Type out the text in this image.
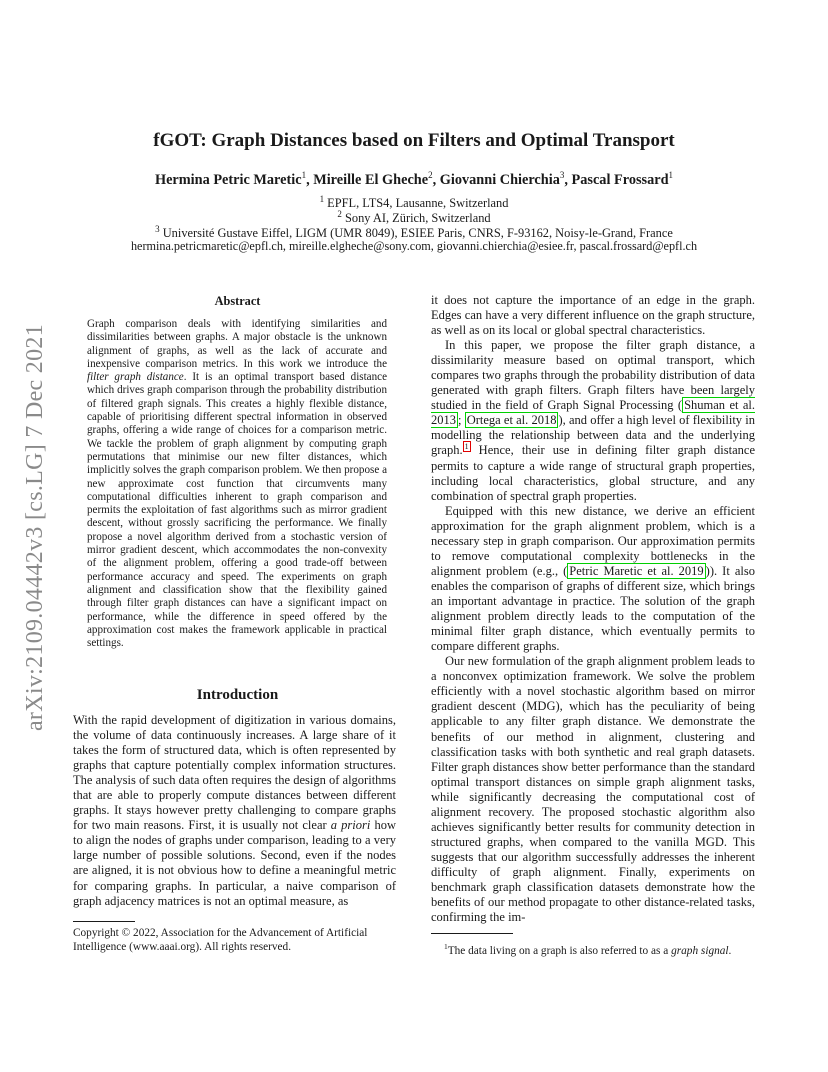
arXiv:2109.04442v3 [cs.LG] 7 Dec 2021
fGOT: Graph Distances based on Filters and Optimal Transport
Hermina Petric Maretic$^1$, Mireille El Gheche$^2$, Giovanni Chierchia$^3$, Pascal Frossard$^1$
$^1$ EPFL, LTS4, Lausanne, Switzerland
$^2$ Sony AI, Zürich, Switzerland
$^3$ Université Gustave Eiffel, LIGM (UMR 8049), ESIEE Paris, CNRS, F-93162, Noisy-le-Grand, France
hermina.petricmaretic@epfl.ch, mireille.elgheche@sony.com, giovanni.chierchia@esiee.fr, pascal.frossard@epfl.ch
Abstract
Graph comparison deals with identifying similarities and dissimilarities between graphs. A major obstacle is the unknown alignment of graphs, as well as the lack of accurate and inexpensive comparison metrics. In this work we introduce the filter graph distance. It is an optimal transport based distance which drives graph comparison through the probability distribution of filtered graph signals. This creates a highly flexible distance, capable of prioritising different spectral information in observed graphs, offering a wide range of choices for a comparison metric. We tackle the problem of graph alignment by computing graph permutations that minimise our new filter distances, which implicitly solves the graph comparison problem. We then propose a new approximate cost function that circumvents many computational difficulties inherent to graph comparison and permits the exploitation of fast algorithms such as mirror gradient descent, without grossly sacrificing the performance. We finally propose a novel algorithm derived from a stochastic version of mirror gradient descent, which accommodates the non-convexity of the alignment problem, offering a good trade-off between performance accuracy and speed. The experiments on graph alignment and classification show that the flexibility gained through filter graph distances can have a significant impact on performance, while the difference in speed offered by the approximation cost makes the framework applicable in practical settings.
Introduction

With the rapid development of digitization in various domains, the volume of data continuously increases. A large share of it takes the form of structured data, which is often represented by graphs that capture potentially complex information structures. The analysis of such data often requires the design of algorithms that are able to properly compute distances between different graphs. It stays however pretty challenging to compare graphs for two main reasons. First, it is usually not clear a priori how to align the nodes of graphs under comparison, leading to a very large number of possible solutions. Second, even if the nodes are aligned, it is not obvious how to define a meaningful metric for comparing graphs. In particular, a naive comparison of graph adjacency matrices is not an optimal measure, as

Copyright © 2022, Association for the Advancement of Artificial Intelligence (www.aaai.org). All rights reserved.

it does not capture the importance of an edge in the graph. Edges can have a very different influence on the graph structure, as well as on its local or global spectral characteristics.

In this paper, we propose the filter graph distance, a dissimilarity measure based on optimal transport, which compares two graphs through the probability distribution of data generated with graph filters. Graph filters have been largely studied in the field of Graph Signal Processing ( Shuman et al. 2013 ; Ortega et al. 2018 ), and offer a high level of flexibility in modelling the relationship between data and the underlying graph. $^1$ Hence, their use in defining filter graph distance permits to capture a wide range of structural graph properties, including local characteristics, global structure, and any combination of spectral graph properties.

Equipped with this new distance, we derive an efficient approximation for the graph alignment problem, which is a necessary step in graph comparison. Our approximation permits to remove computational complexity bottlenecks in the alignment problem (e.g., ( Petric Maretic et al. 2019 )). It also enables the comparison of graphs of different size, which brings an important advantage in practice. The solution of the graph alignment problem directly leads to the computation of the minimal filter graph distance, which eventually permits to compare different graphs.

Our new formulation of the graph alignment problem leads to a nonconvex optimization framework. We solve the problem efficiently with a novel stochastic algorithm based on mirror gradient descent (MDG), which has the peculiarity of being applicable to any filter graph distance. We demonstrate the benefits of our method in alignment, clustering and classification tasks with both synthetic and real graph datasets. Filter graph distances show better performance than the standard optimal transport distances on simple graph alignment tasks, while significantly decreasing the computational cost of alignment recovery. The proposed stochastic algorithm also achieves significantly better results for community detection in structured graphs, when compared to the vanilla MGD. This suggests that our algorithm successfully addresses the inherent difficulty of graph alignment. Finally, experiments on benchmark graph classification datasets demonstrate how the benefits of our method propagate to other distance-related tasks, confirming the im-

$^1$The data living on a graph is also referred to as a graph signal.
